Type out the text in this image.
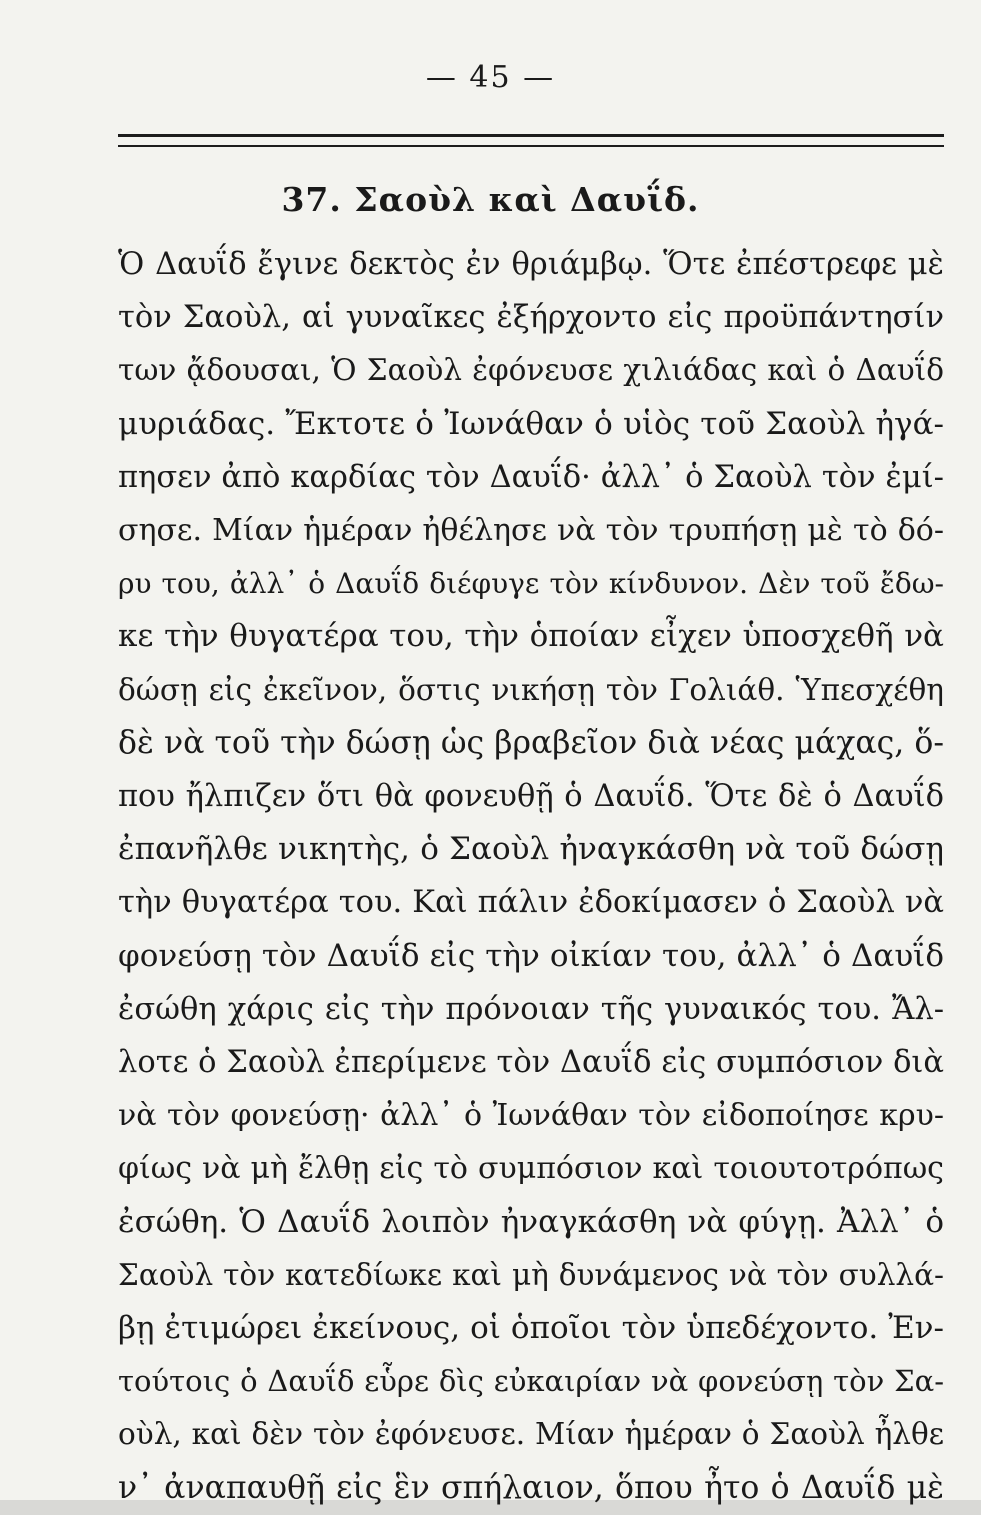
— 45 —
37. Σαοὺλ καὶ Δαυΐδ.
Ὁ Δαυΐδ ἔγινε δεκτὸς ἐν θριάμβῳ. Ὅτε ἐπέστρεφε μὲ
τὸν Σαοὺλ, αἱ γυναῖκες ἐξήρχοντο εἰς προϋπάντησίν
των ᾄδουσαι, Ὁ Σαοὺλ ἐφόνευσε χιλιάδας καὶ ὁ Δαυΐδ
μυριάδας. Ἔκτοτε ὁ Ἰωνάθαν ὁ υἱὸς τοῦ Σαοὺλ ἠγά-
πησεν ἀπὸ καρδίας τὸν Δαυΐδ· ἀλλ᾽ ὁ Σαοὺλ τὸν ἐμί-
σησε. Μίαν ἡμέραν ἠθέλησε νὰ τὸν τρυπήσῃ μὲ τὸ δό-
ρυ του, ἀλλ᾽ ὁ Δαυΐδ διέφυγε τὸν κίνδυνον. Δὲν τοῦ ἔδω-
κε τὴν θυγατέρα του, τὴν ὁποίαν εἶχεν ὑποσχεθῆ νὰ
δώσῃ εἰς ἐκεῖνον, ὅστις νικήσῃ τὸν Γολιάθ. Ὑπεσχέθη
δὲ νὰ τοῦ τὴν δώσῃ ὡς βραβεῖον διὰ νέας μάχας, ὅ-
που ἤλπιζεν ὅτι θὰ φονευθῇ ὁ Δαυΐδ. Ὅτε δὲ ὁ Δαυΐδ
ἐπανῆλθε νικητὴς, ὁ Σαοὺλ ἠναγκάσθη νὰ τοῦ δώσῃ
τὴν θυγατέρα του. Καὶ πάλιν ἐδοκίμασεν ὁ Σαοὺλ νὰ
φονεύσῃ τὸν Δαυΐδ εἰς τὴν οἰκίαν του, ἀλλ᾽ ὁ Δαυΐδ
ἐσώθη χάρις εἰς τὴν πρόνοιαν τῆς γυναικός του. Ἄλ-
λοτε ὁ Σαοὺλ ἐπερίμενε τὸν Δαυΐδ εἰς συμπόσιον διὰ
νὰ τὸν φονεύσῃ· ἀλλ᾽ ὁ Ἰωνάθαν τὸν εἰδοποίησε κρυ-
φίως νὰ μὴ ἔλθῃ εἰς τὸ συμπόσιον καὶ τοιουτοτρόπως
ἐσώθη. Ὁ Δαυΐδ λοιπὸν ἠναγκάσθη νὰ φύγῃ. Ἀλλ᾽ ὁ
Σαοὺλ τὸν κατεδίωκε καὶ μὴ δυνάμενος νὰ τὸν συλλά-
βῃ ἐτιμώρει ἐκείνους, οἱ ὁποῖοι τὸν ὑπεδέχοντο. Ἐν-
τούτοις ὁ Δαυΐδ εὗρε δὶς εὐκαιρίαν νὰ φονεύσῃ τὸν Σα-
οὺλ, καὶ δὲν τὸν ἐφόνευσε. Μίαν ἡμέραν ὁ Σαοὺλ ἦλθε
ν᾽ ἀναπαυθῇ εἰς ἓν σπήλαιον, ὅπου ἦτο ὁ Δαυΐδ μὲ
